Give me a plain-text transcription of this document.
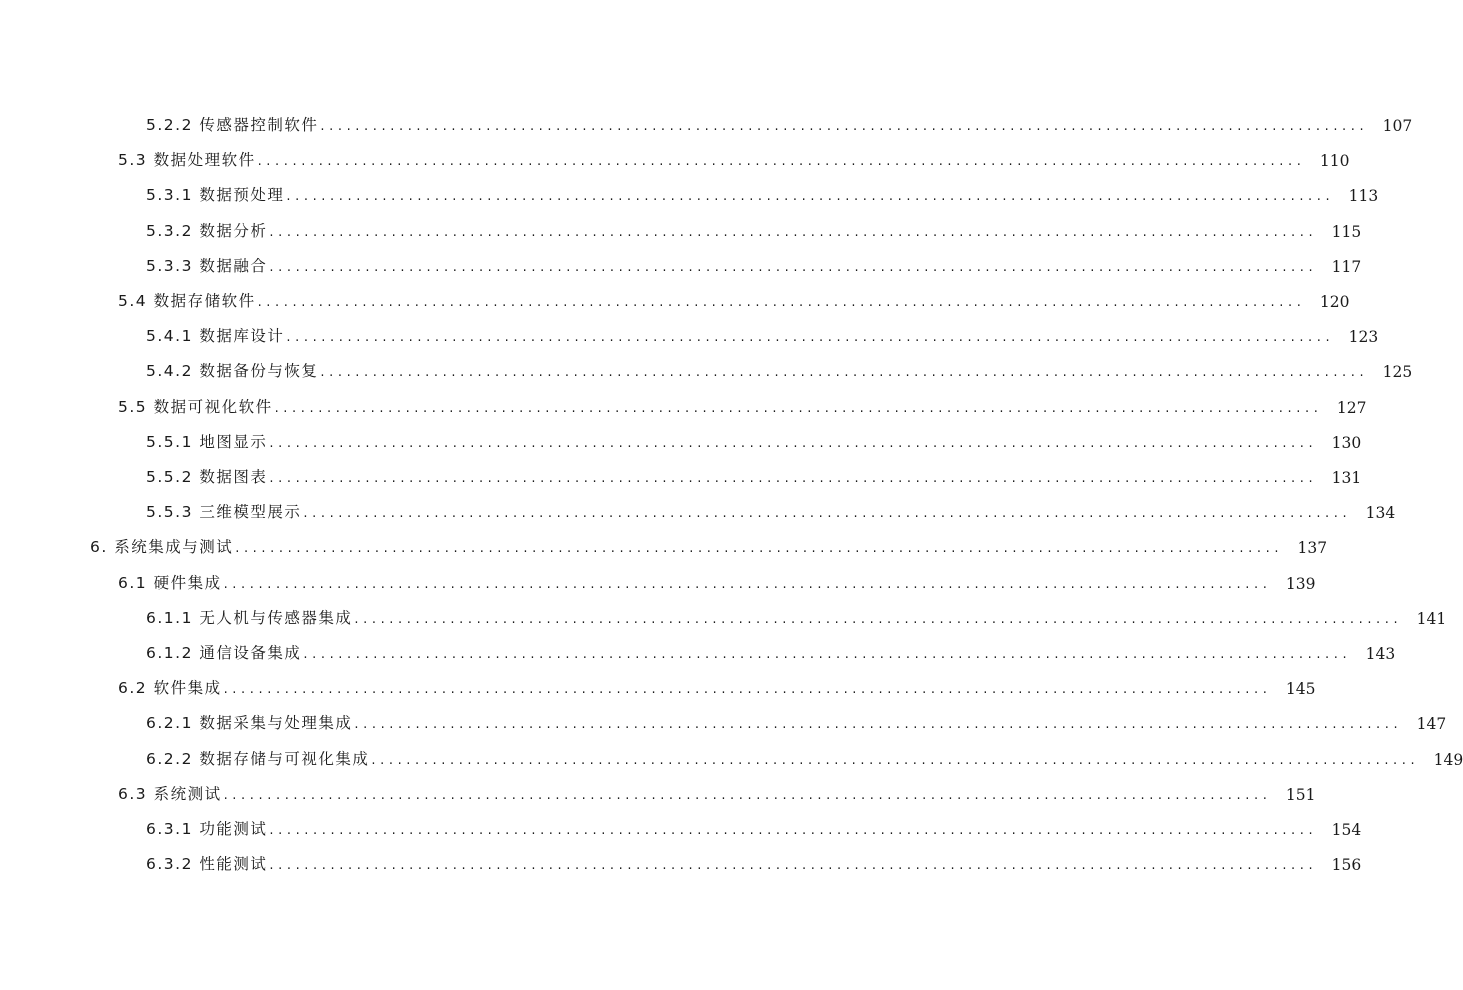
5.2.2 传感器控制软件 ........................................................................................................................ 107
5.3 数据处理软件 ........................................................................................................................ 110
5.3.1 数据预处理 ........................................................................................................................ 113
5.3.2 数据分析 ........................................................................................................................ 115
5.3.3 数据融合 ........................................................................................................................ 117
5.4 数据存储软件 ........................................................................................................................ 120
5.4.1 数据库设计 ........................................................................................................................ 123
5.4.2 数据备份与恢复 ........................................................................................................................ 125
5.5 数据可视化软件 ........................................................................................................................ 127
5.5.1 地图显示 ........................................................................................................................ 130
5.5.2 数据图表 ........................................................................................................................ 131
5.5.3 三维模型展示 ........................................................................................................................ 134
6. 系统集成与测试 ........................................................................................................................ 137
6.1 硬件集成 ........................................................................................................................ 139
6.1.1 无人机与传感器集成 ........................................................................................................................ 141
6.1.2 通信设备集成 ........................................................................................................................ 143
6.2 软件集成 ........................................................................................................................ 145
6.2.1 数据采集与处理集成 ........................................................................................................................ 147
6.2.2 数据存储与可视化集成 ........................................................................................................................ 149
6.3 系统测试 ........................................................................................................................ 151
6.3.1 功能测试 ........................................................................................................................ 154
6.3.2 性能测试 ........................................................................................................................ 156
